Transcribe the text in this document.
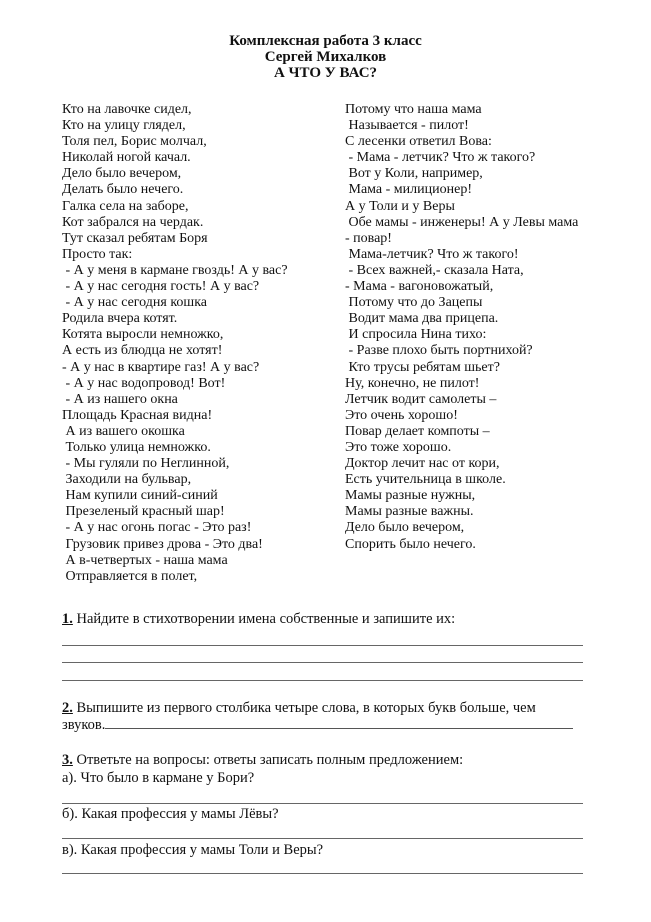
Комплексная работа 3 класс
Сергей Михалков
А ЧТО У ВАС?
Кто на лавочке сидел,
Кто на улицу глядел,
Толя пел, Борис молчал,
Николай ногой качал.
Дело было вечером,
Делать было нечего.
Галка села на заборе,
Кот забрался на чердак.
Тут сказал ребятам Боря
Просто так:
- А у меня в кармане гвоздь! А у вас?
- А у нас сегодня гость! А у вас?
- А у нас сегодня кошка
Родила вчера котят.
Котята выросли немножко,
А есть из блюдца не хотят!
- А у нас в квартире газ! А у вас?
- А у нас водопровод! Вот!
- А из нашего окна
Площадь Красная видна!
А из вашего окошка
Только улица немножко.
- Мы гуляли по Неглинной,
Заходили на бульвар,
Нам купили синий-синий
Презеленый красный шар!
- А у нас огонь погас - Это раз!
Грузовик привез дрова - Это два!
А в-четвертых - наша мама
Отправляется в полет,
Потому что наша мама
Называется - пилот!
С лесенки ответил Вова:
- Мама - летчик? Что ж такого?
Вот у Коли, например,
Мама - милиционер!
А у Толи и у Веры
Обе мамы - инженеры! А у Левы мама
- повар!
Мама-летчик? Что ж такого!
- Всех важней,- сказала Ната,
- Мама - вагоновожатый,
Потому что до Зацепы
Водит мама два прицепа.
И спросила Нина тихо:
- Разве плохо быть портнихой?
Кто трусы ребятам шьет?
Ну, конечно, не пилот!
Летчик водит самолеты –
Это очень хорошо!
Повар делает компоты –
Это тоже хорошо.
Доктор лечит нас от кори,
Есть учительница в школе.
Мамы разные нужны,
Мамы разные важны.
Дело было вечером,
Спорить было нечего.
1. Найдите в стихотворении имена собственные и запишите их:
2. Выпишите из первого столбика четыре слова, в которых букв больше, чем
звуков.
3. Ответьте на вопросы: ответы записать полным предложением:
а). Что было в кармане у Бори?
б). Какая профессия у мамы Лёвы?
в). Какая профессия у мамы Толи и Веры?
